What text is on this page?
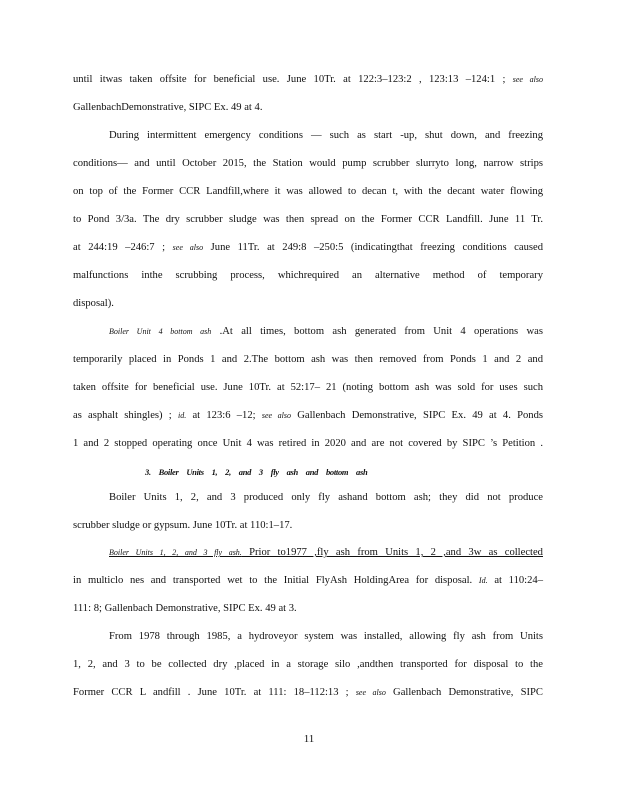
until itwas taken offsite for beneficial use. June 10Tr. at 122:3–123:2 , 123:13 –124:1 ; see also
GallenbachDemonstrative, SIPC Ex. 49 at 4.
During intermittent emergency conditions — such as start -up, shut down, and freezing
conditions— and until October 2015, the Station would pump scrubber slurryto long, narrow strips
on top of the Former CCR Landfill,where it was allowed to decan t, with the decant water flowing
to Pond 3/3a. The dry scrubber sludge was then spread on the Former CCR Landfill. June 11 Tr.
at 244:19 –246:7 ; see also June 11Tr. at 249:8 –250:5 (indicatingthat freezing conditions caused
malfunctions inthe scrubbing process, whichrequired an alternative method of temporary
disposal).
Boiler Unit 4 bottom ash .At all times, bottom ash generated from Unit 4 operations was
temporarily placed in Ponds 1 and 2.The bottom ash was then removed from Ponds 1 and 2 and
taken offsite for beneficial use. June 10Tr. at 52:17– 21 (noting bottom ash was sold for uses such
as asphalt shingles) ; id. at 123:6 –12; see also Gallenbach Demonstrative, SIPC Ex. 49 at 4. Ponds
1 and 2 stopped operating once Unit 4 was retired in 2020 and are not covered by SIPC ’s Petition .
3. Boiler Units 1, 2, and 3 fly ash and bottom ash
Boiler Units 1, 2, and 3 produced only fly ashand bottom ash; they did not produce
scrubber sludge or gypsum. June 10Tr. at 110:1–17.
Boiler Units 1, 2, and 3 fly ash. Prior to1977 ,fly ash from Units 1, 2 ,and 3w as collected
in multiclo nes and transported wet to the Initial FlyAsh HoldingArea for disposal. Id. at 110:24–
111: 8; Gallenbach Demonstrative, SIPC Ex. 49 at 3.
From 1978 through 1985, a hydroveyor system was installed, allowing fly ash from Units
1, 2, and 3 to be collected dry ,placed in a storage silo ,andthen transported for disposal to the
Former CCR L andfill . June 10Tr. at 111: 18–112:13 ; see also Gallenbach Demonstrative, SIPC
11
